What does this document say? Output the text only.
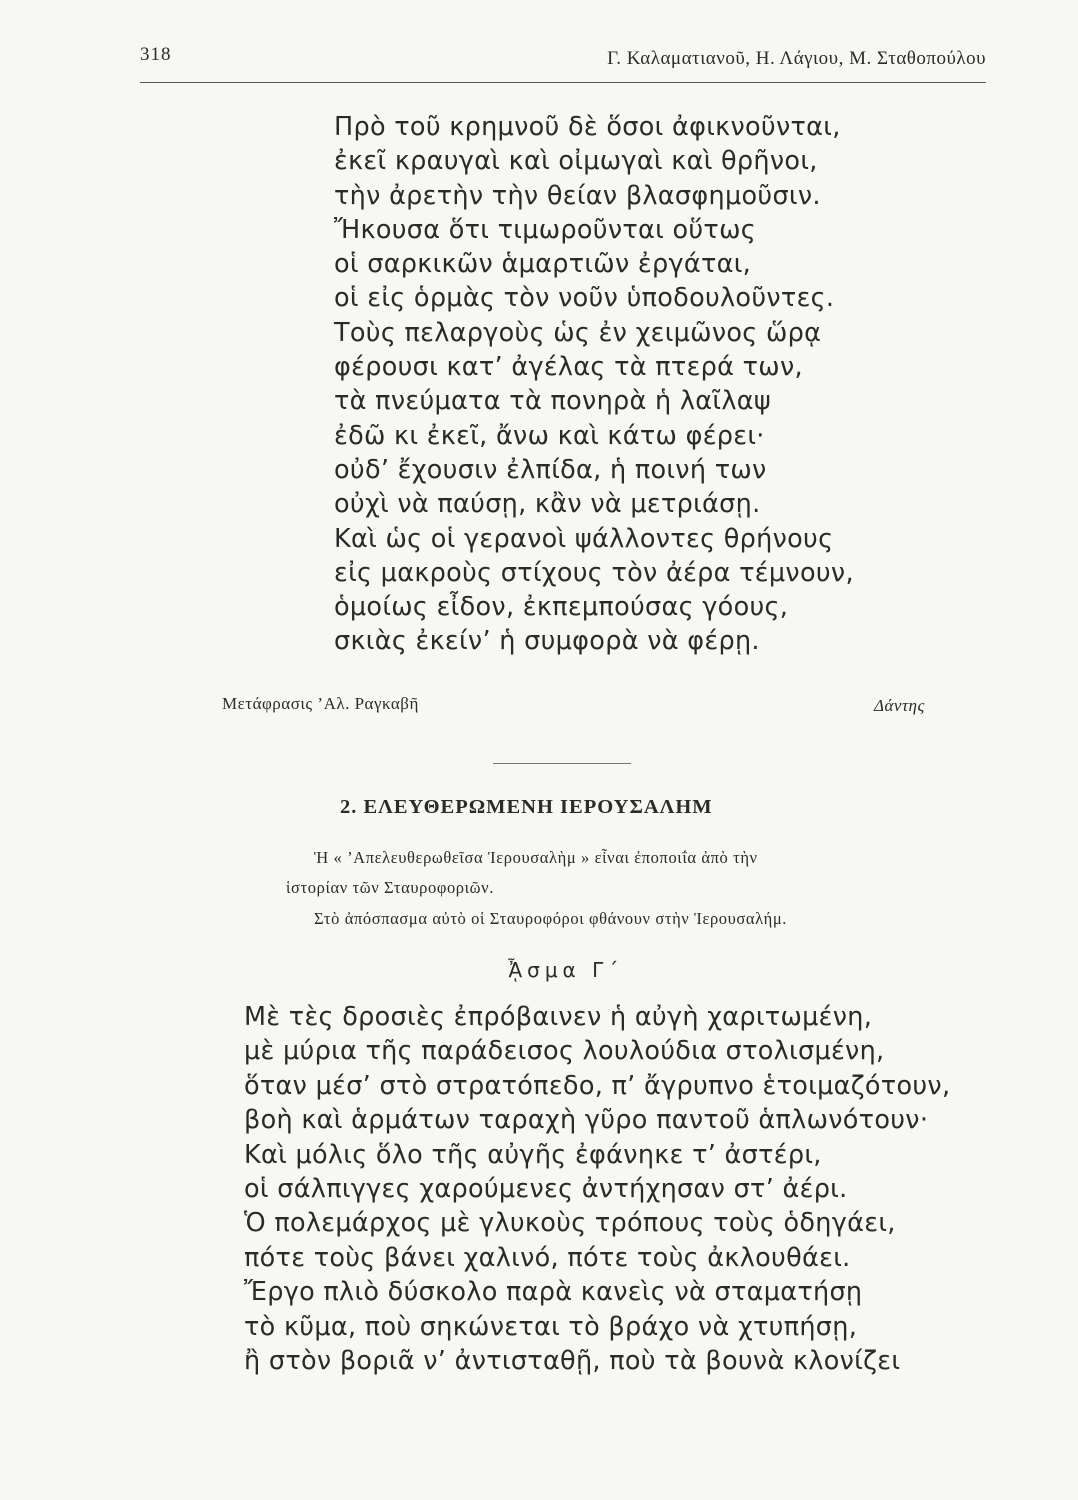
318	Γ. Καλαματιανοῦ, Η. Λάγιου, Μ. Σταθοπούλου
Πρὸ τοῦ κρημνοῦ δὲ ὅσοι ἀφικνοῦνται,
ἐκεῖ κραυγαὶ καὶ οἰμωγαὶ καὶ θρῆνοι,
τὴν ἀρετὴν τὴν θείαν βλασφημοῦσιν.
Ἤκουσα ὅτι τιμωροῦνται οὕτως
οἱ σαρκικῶν ἁμαρτιῶν ἐργάται,
οἱ εἰς ὁρμὰς τὸν νοῦν ὑποδουλοῦντες.
Τοὺς πελαργοὺς ὡς ἐν χειμῶνος ὥρᾳ
φέρουσι κατ’ ἀγέλας τὰ πτερά των,
τὰ πνεύματα τὰ πονηρὰ ἡ λαῖλαψ
ἐδῶ κι ἐκεῖ, ἄνω καὶ κάτω φέρει·
οὐδ’ ἔχουσιν ἐλπίδα, ἡ ποινή των
οὐχὶ νὰ παύσῃ, κἂν νὰ μετριάσῃ.
Καὶ ὡς οἱ γερανοὶ ψάλλοντες θρήνους
εἰς μακροὺς στίχους τὸν ἀέρα τέμνουν,
ὁμοίως εἶδον, ἐκπεμπούσας γόους,
σκιὰς ἐκείν’ ἡ συμφορὰ νὰ φέρῃ.
Μετάφρασις ’Αλ. Ραγκαβῆ	Δάντης
2. ΕΛΕΥΘΕΡΩΜΕΝΗ ΙΕΡΟΥΣΑΛΗΜ
Ἡ « ’Απελευθερωθεῖσα Ἱερουσαλὴμ » εἶναι ἐποποιΐα ἀπὸ τὴν
ἱστορίαν τῶν Σταυροφοριῶν.
Στὸ ἀπόσπασμα αὐτὸ οἱ Σταυροφόροι φθάνουν στὴν Ἱερουσαλήμ.
ᾎσμα Γ΄
Μὲ τὲς δροσιὲς ἐπρόβαινεν ἡ αὐγὴ χαριτωμένη,
μὲ μύρια τῆς παράδεισος λουλούδια στολισμένη,
ὅταν μέσ’ στὸ στρατόπεδο, π’ ἄγρυπνο ἑτοιμαζότουν,
βοὴ καὶ ἁρμάτων ταραχὴ γῦρο παντοῦ ἁπλωνότουν·
Καὶ μόλις ὅλο τῆς αὐγῆς ἐφάνηκε τ’ ἀστέρι,
οἱ σάλπιγγες χαρούμενες ἀντήχησαν στ’ ἀέρι.
Ὁ πολεμάρχος μὲ γλυκοὺς τρόπους τοὺς ὁδηγάει,
πότε τοὺς βάνει χαλινό, πότε τοὺς ἀκλουθάει.
Ἔργο πλιὸ δύσκολο παρὰ κανεὶς νὰ σταματήσῃ
τὸ κῦμα, ποὺ σηκώνεται τὸ βράχο νὰ χτυπήσῃ,
ἢ στὸν βοριᾶ ν’ ἀντισταθῇ, ποὺ τὰ βουνὰ κλονίζει
